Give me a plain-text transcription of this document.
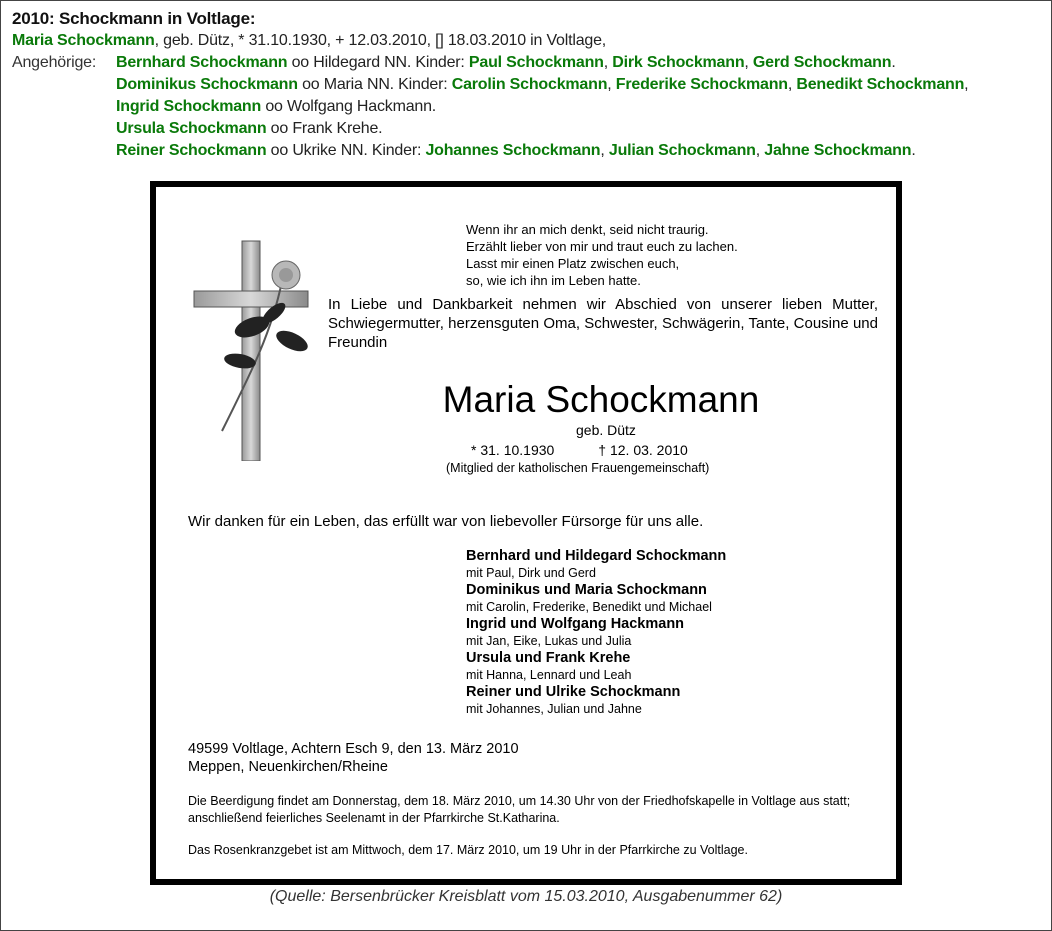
2010: Schockmann in Voltlage:
Maria Schockmann, geb. Dütz, * 31.10.1930, + 12.03.2010, [] 18.03.2010 in Voltlage,
Angehörige:	Bernhard Schockmann oo Hildegard NN. Kinder: Paul Schockmann, Dirk Schockmann, Gerd Schockmann.
Dominikus Schockmann oo Maria NN. Kinder: Carolin Schockmann, Frederike Schockmann, Benedikt Schockmann,
Ingrid Schockmann oo Wolfgang Hackmann.
Ursula Schockmann oo Frank Krehe.
Reiner Schockmann oo Ukrike NN. Kinder: Johannes Schockmann, Julian Schockmann, Jahne Schockmann.
Wenn ihr an mich denkt, seid nicht traurig.
Erzählt lieber von mir und traut euch zu lachen.
Lasst mir einen Platz zwischen euch,
so, wie ich ihn im Leben hatte.
In Liebe und Dankbarkeit nehmen wir Abschied von unserer lieben Mutter, Schwiegermutter, herzensguten Oma, Schwester, Schwägerin, Tante, Cousine und Freundin
Maria Schockmann
geb. Dütz
* 31. 10.1930	† 12. 03. 2010
(Mitglied der katholischen Frauengemeinschaft)
Wir danken für ein Leben, das erfüllt war von liebevoller Fürsorge für uns alle.
Bernhard und Hildegard Schockmann
mit Paul, Dirk und Gerd
Dominikus und Maria Schockmann
mit Carolin, Frederike, Benedikt und Michael
Ingrid und Wolfgang Hackmann
mit Jan, Eike, Lukas und Julia
Ursula und Frank Krehe
mit Hanna, Lennard und Leah
Reiner und Ulrike Schockmann
mit Johannes, Julian und Jahne
49599 Voltlage, Achtern Esch 9, den 13. März 2010
Meppen, Neuenkirchen/Rheine
Die Beerdigung findet am Donnerstag, dem 18. März 2010, um 14.30 Uhr von der Friedhofskapelle in Voltlage aus statt; anschließend feierliches Seelenamt in der Pfarrkirche St.Katharina.
Das Rosenkranzgebet ist am Mittwoch, dem 17. März 2010, um 19 Uhr in der Pfarrkirche zu Voltlage.
(Quelle: Bersenbrücker Kreisblatt vom 15.03.2010, Ausgabenummer 62)
